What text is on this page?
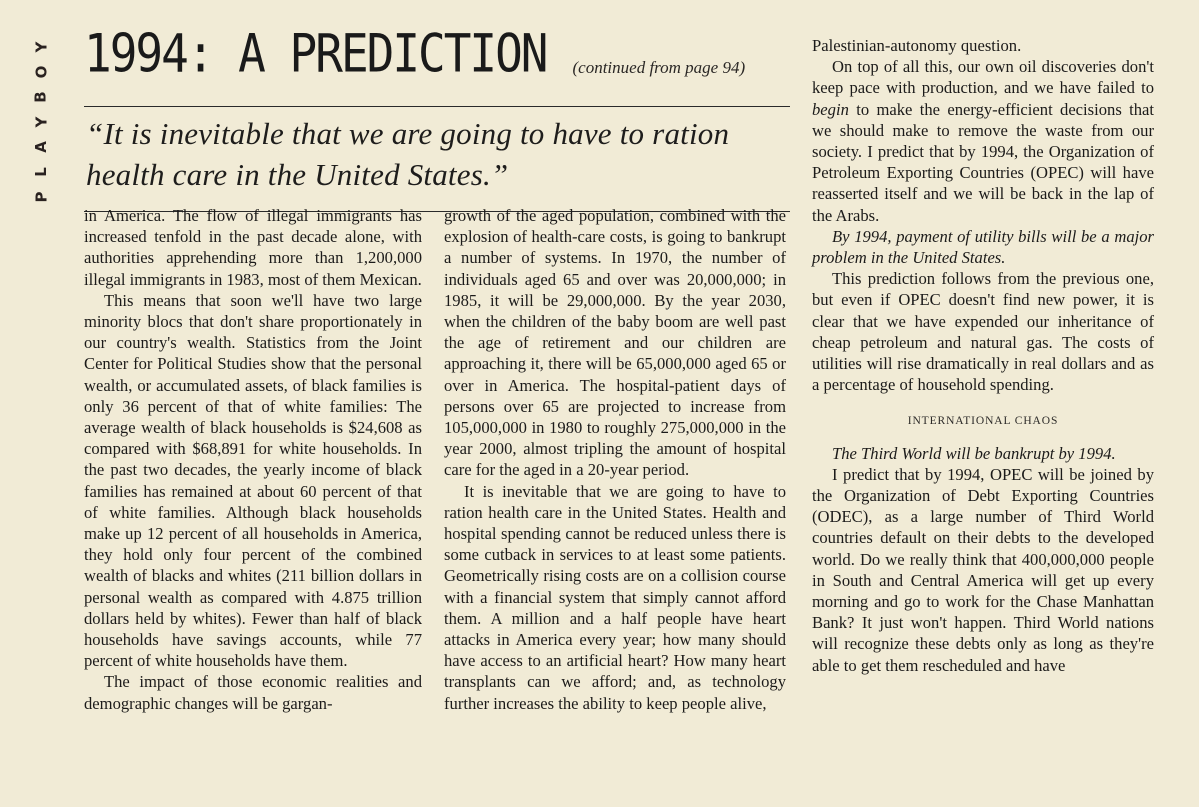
Y
O
B
Y
A
L
P
1994: A PREDICTION (continued from page 94)
“It is inevitable that we are going to have to ration health care in the United States.”

in America. The flow of illegal immigrants has increased tenfold in the past decade alone, with authorities apprehending more than 1,200,000 illegal immigrants in 1983, most of them Mexican.

This means that soon we'll have two large minority blocs that don't share proportionately in our country's wealth. Statistics from the Joint Center for Political Studies show that the personal wealth, or accumulated assets, of black families is only 36 percent of that of white families: The average wealth of black households is $24,608 as compared with $68,891 for white households. In the past two decades, the yearly income of black families has remained at about 60 percent of that of white families. Although black households make up 12 percent of all households in America, they hold only four percent of the combined wealth of blacks and whites (211 billion dollars in personal wealth as compared with 4.875 trillion dollars held by whites). Fewer than half of black households have savings accounts, while 77 percent of white households have them.

The impact of those economic realities and demographic changes will be gargan-

growth of the aged population, combined with the explosion of health-care costs, is going to bankrupt a number of systems. In 1970, the number of individuals aged 65 and over was 20,000,000; in 1985, it will be 29,000,000. By the year 2030, when the children of the baby boom are well past the age of retirement and our children are approaching it, there will be 65,000,000 aged 65 or over in America. The hospital-patient days of persons over 65 are projected to increase from 105,000,000 in 1980 to roughly 275,000,000 in the year 2000, almost tripling the amount of hospital care for the aged in a 20-year period.

It is inevitable that we are going to have to ration health care in the United States. Health and hospital spending cannot be reduced unless there is some cutback in services to at least some patients. Geometrically rising costs are on a collision course with a financial system that simply cannot afford them. A million and a half people have heart attacks in America every year; how many should have access to an artificial heart? How many heart transplants can we afford; and, as technology further increases the ability to keep people alive,

Palestinian-autonomy question.

On top of all this, our own oil discoveries don't keep pace with production, and we have failed to begin to make the energy-efficient decisions that we should make to remove the waste from our society. I predict that by 1994, the Organization of Petroleum Exporting Countries (OPEC) will have reasserted itself and we will be back in the lap of the Arabs.

By 1994, payment of utility bills will be a major problem in the United States.

This prediction follows from the previous one, but even if OPEC doesn't find new power, it is clear that we have expended our inheritance of cheap petroleum and natural gas. The costs of utilities will rise dramatically in real dollars and as a percentage of household spending.

INTERNATIONAL CHAOS

The Third World will be bankrupt by 1994.

I predict that by 1994, OPEC will be joined by the Organization of Debt Exporting Countries (ODEC), as a large number of Third World countries default on their debts to the developed world. Do we really think that 400,000,000 people in South and Central America will get up every morning and go to work for the Chase Manhattan Bank? It just won't happen. Third World nations will recognize these debts only as long as they're able to get them rescheduled and have
